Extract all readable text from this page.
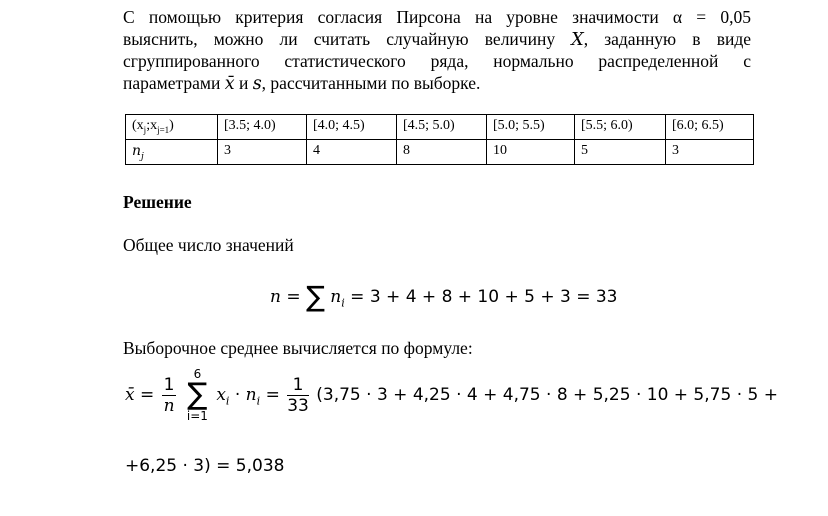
С помощью критерия согласия Пирсона на уровне значимости α = 0,05
выяснить, можно ли считать случайную величину X, заданную в виде
сгруппированного статистического ряда, нормально распределенной с
параметрами x̄ и s, рассчитанными по выборке.
$(x_j;x_{j=1})$	[3.5; 4.0)	[4.0; 4.5)	[4.5; 5.0)	[5.0; 5.5)	[5.5; 6.0)	[6.0; 6.5)
$n_j$	3	4	8	10	5	3
Решение
Общее число значений
n = ∑ $n_i = 3 + 4 + 8 + 10 + 5 + 3 = 33$
Выборочное среднее вычисляется по формуле:
x̄ = $\frac{1}{n}$

6
∑
i=1
$x_i \cdot n_i = \frac{1}{33} (3,75 \cdot 3 + 4,25 \cdot 4 + 4,75 \cdot 8 + 5,25 \cdot 10 + 5,75 \cdot 5$ +
+6,25 · 3) = 5,038
